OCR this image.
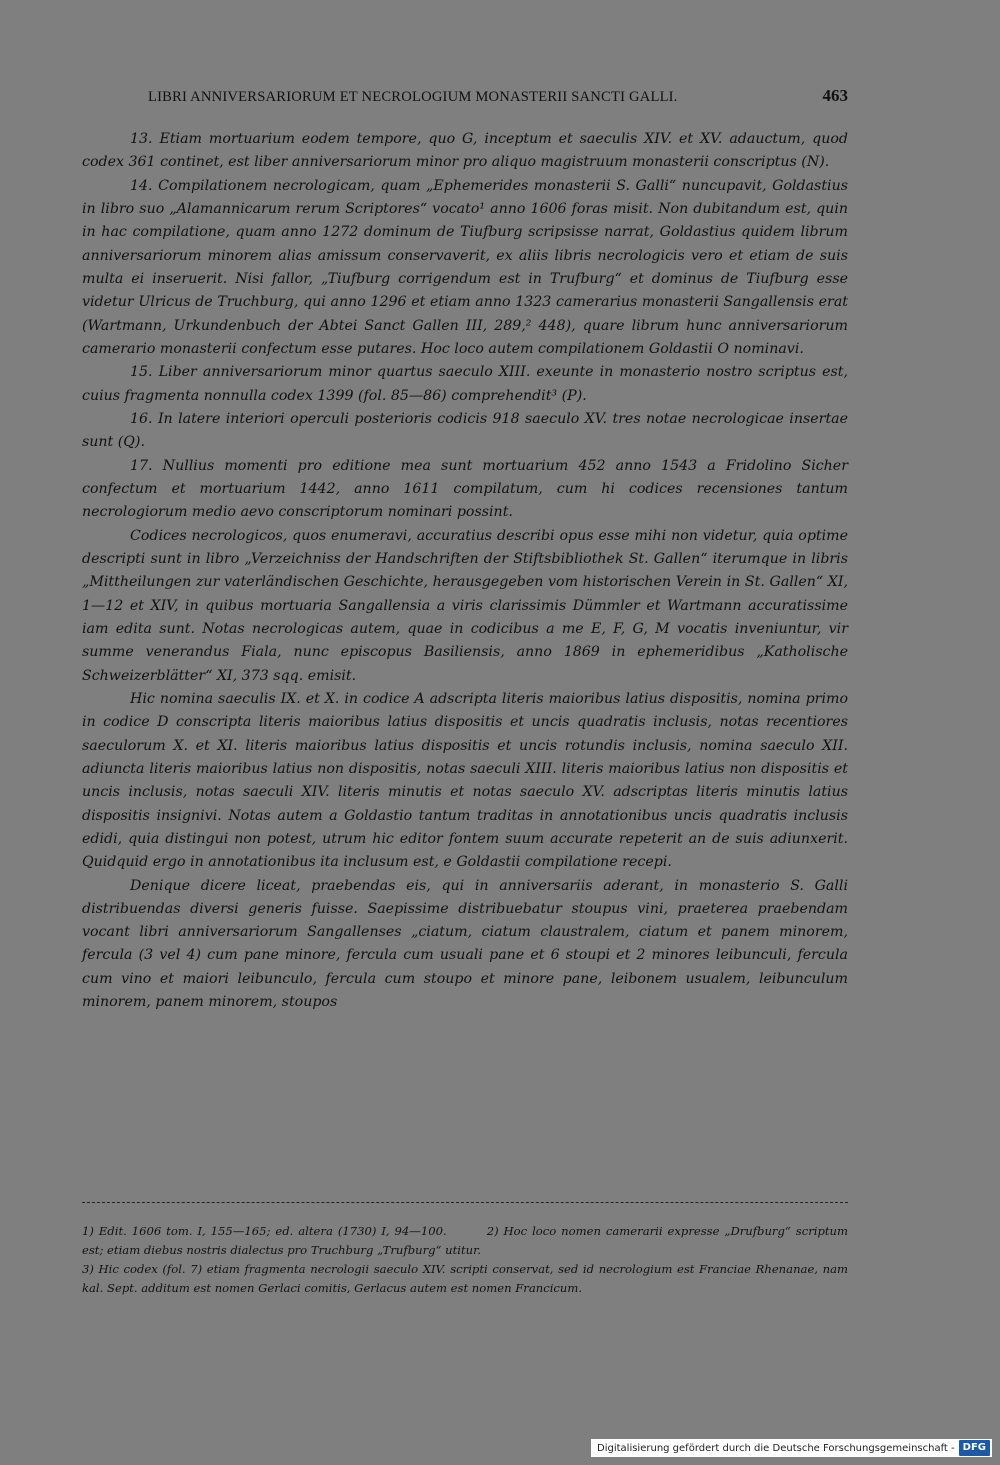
LIBRI ANNIVERSARIORUM ET NECROLOGIUM MONASTERII SANCTI GALLI.	463

13. Etiam mortuarium eodem tempore, quo G, inceptum et saeculis XIV. et XV. adauctum, quod codex 361 continet, est liber anniversariorum minor pro aliquo magistruum monasterii conscriptus (N).

14. Compilationem necrologicam, quam „Ephemerides monasterii S. Galli“ nuncupavit, Goldastius in libro suo „Alamannicarum rerum Scriptores“ vocato¹ anno 1606 foras misit. Non dubitandum est, quin in hac compilatione, quam anno 1272 dominum de Tiufburg scripsisse narrat, Goldastius quidem librum anniversariorum minorem alias amissum conservaverit, ex aliis libris necrologicis vero et etiam de suis multa ei inseruerit. Nisi fallor, „Tiufburg corrigendum est in Trufburg“ et dominus de Tiufburg esse videtur Ulricus de Truchburg, qui anno 1296 et etiam anno 1323 camerarius monasterii Sangallensis erat (Wartmann, Urkundenbuch der Abtei Sanct Gallen III, 289,² 448), quare librum hunc anniversariorum camerario monasterii confectum esse putares. Hoc loco autem compilationem Goldastii O nominavi.

15. Liber anniversariorum minor quartus saeculo XIII. exeunte in monasterio nostro scriptus est, cuius fragmenta nonnulla codex 1399 (fol. 85—86) comprehendit³ (P).

16. In latere interiori operculi posterioris codicis 918 saeculo XV. tres notae necrologicae insertae sunt (Q).

17. Nullius momenti pro editione mea sunt mortuarium 452 anno 1543 a Fridolino Sicher confectum et mortuarium 1442, anno 1611 compilatum, cum hi codices recensiones tantum necrologiorum medio aevo conscriptorum nominari possint.

Codices necrologicos, quos enumeravi, accuratius describi opus esse mihi non videtur, quia optime descripti sunt in libro „Verzeichniss der Handschriften der Stiftsbibliothek St. Gallen“ iterumque in libris „Mittheilungen zur vaterländischen Geschichte, herausgegeben vom historischen Verein in St. Gallen“ XI, 1—12 et XIV, in quibus mortuaria Sangallensia a viris clarissimis Dümmler et Wartmann accuratissime iam edita sunt. Notas necrologicas autem, quae in codicibus a me E, F, G, M vocatis inveniuntur, vir summe venerandus Fiala, nunc episcopus Basiliensis, anno 1869 in ephemeridibus „Katholische Schweizerblätter“ XI, 373 sqq. emisit.

Hic nomina saeculis IX. et X. in codice A adscripta literis maioribus latius dispositis, nomina primo in codice D conscripta literis maioribus latius dispositis et uncis quadratis inclusis, notas recentiores saeculorum X. et XI. literis maioribus latius dispositis et uncis rotundis inclusis, nomina saeculo XII. adiuncta literis maioribus latius non dispositis, notas saeculi XIII. literis maioribus latius non dispositis et uncis inclusis, notas saeculi XIV. literis minutis et notas saeculo XV. adscriptas literis minutis latius dispositis insignivi. Notas autem a Goldastio tantum traditas in annotationibus uncis quadratis inclusis edidi, quia distingui non potest, utrum hic editor fontem suum accurate repeterit an de suis adiunxerit. Quidquid ergo in annotationibus ita inclusum est, e Goldastii compilatione recepi.

Denique dicere liceat, praebendas eis, qui in anniversariis aderant, in monasterio S. Galli distribuendas diversi generis fuisse. Saepissime distribuebatur stoupus vini, praeterea praebendam vocant libri anniversariorum Sangallenses „ciatum, ciatum claustralem, ciatum et panem minorem, fercula (3 vel 4) cum pane minore, fercula cum usuali pane et 6 stoupi et 2 minores leibunculi, fercula cum vino et maiori leibunculo, fercula cum stoupo et minore pane, leibonem usualem, leibunculum minorem, panem minorem, stoupos

1) Edit. 1606 tom. I, 155—165; ed. altera (1730) I, 94—100.	2) Hoc loco nomen camerarii expresse „Drufburg“ scriptum est; etiam diebus nostris dialectus pro Truchburg „Trufburg“ utitur.

3) Hic codex (fol. 7) etiam fragmenta necrologii saeculo XIV. scripti conservat, sed id necrologium est Franciae Rhenanae, nam kal. Sept. additum est nomen Gerlaci comitis, Gerlacus autem est nomen Francicum.

Digitalisierung gefördert durch die Deutsche Forschungsgemeinschaft - DFG
